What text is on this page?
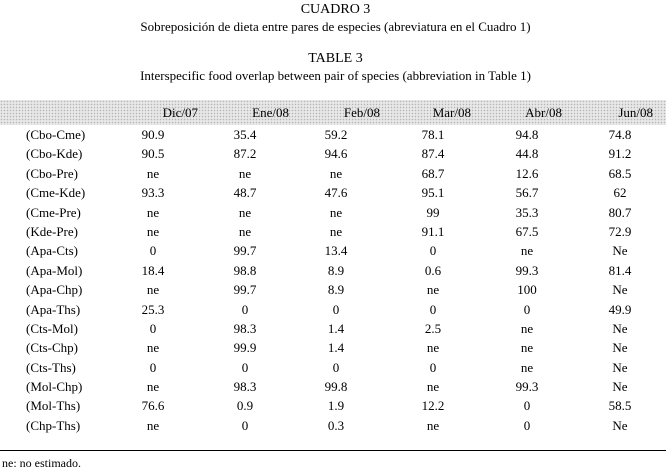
CUADRO 3
Sobreposición de dieta entre pares de especies (abreviatura en el Cuadro 1)
TABLE 3
Interspecific food overlap between pair of species (abbreviation in Table 1)
Dic/07	Ene/08	Feb/08	Mar/08	Abr/08	Jun/08
(Cbo-Cme)	90.9	35.4	59.2	78.1	94.8	74.8
(Cbo-Kde)	90.5	87.2	94.6	87.4	44.8	91.2
(Cbo-Pre)	ne	ne	ne	68.7	12.6	68.5
(Cme-Kde)	93.3	48.7	47.6	95.1	56.7	62
(Cme-Pre)	ne	ne	ne	99	35.3	80.7
(Kde-Pre)	ne	ne	ne	91.1	67.5	72.9
(Apa-Cts)	0	99.7	13.4	0	ne	Ne
(Apa-Mol)	18.4	98.8	8.9	0.6	99.3	81.4
(Apa-Chp)	ne	99.7	8.9	ne	100	Ne
(Apa-Ths)	25.3	0	0	0	0	49.9
(Cts-Mol)	0	98.3	1.4	2.5	ne	Ne
(Cts-Chp)	ne	99.9	1.4	ne	ne	Ne
(Cts-Ths)	0	0	0	0	ne	Ne
(Mol-Chp)	ne	98.3	99.8	ne	99.3	Ne
(Mol-Ths)	76.6	0.9	1.9	12.2	0	58.5
(Chp-Ths)	ne	0	0.3	ne	0	Ne
ne: no estimado.
